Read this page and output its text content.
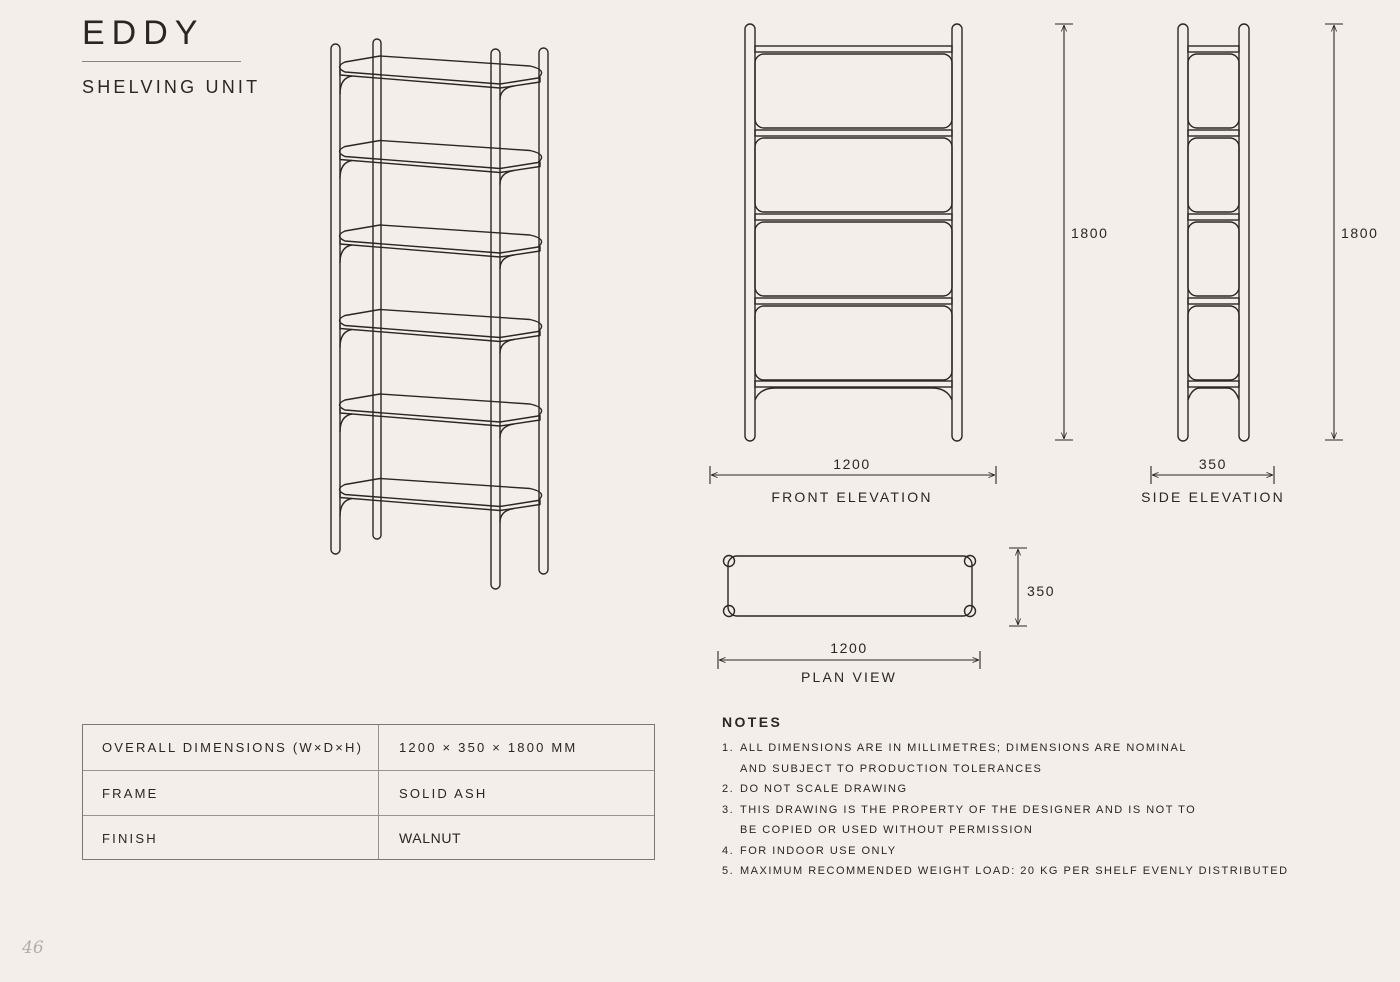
EDDY
SHELVING UNIT
1800
1200
FRONT ELEVATION
1800
350
SIDE ELEVATION
350
1200
PLAN VIEW
OVERALL DIMENSIONS (W×D×H)	1200 × 350 × 1800 MM
FRAME	SOLID ASH
FINISH	WALNUT
NOTES
1. ALL DIMENSIONS ARE IN MILLIMETRES; DIMENSIONS ARE NOMINAL
AND SUBJECT TO PRODUCTION TOLERANCES
2. DO NOT SCALE DRAWING
3. THIS DRAWING IS THE PROPERTY OF THE DESIGNER AND IS NOT TO
BE COPIED OR USED WITHOUT PERMISSION
4. FOR INDOOR USE ONLY
5. MAXIMUM RECOMMENDED WEIGHT LOAD: 20 KG PER SHELF EVENLY DISTRIBUTED
46
